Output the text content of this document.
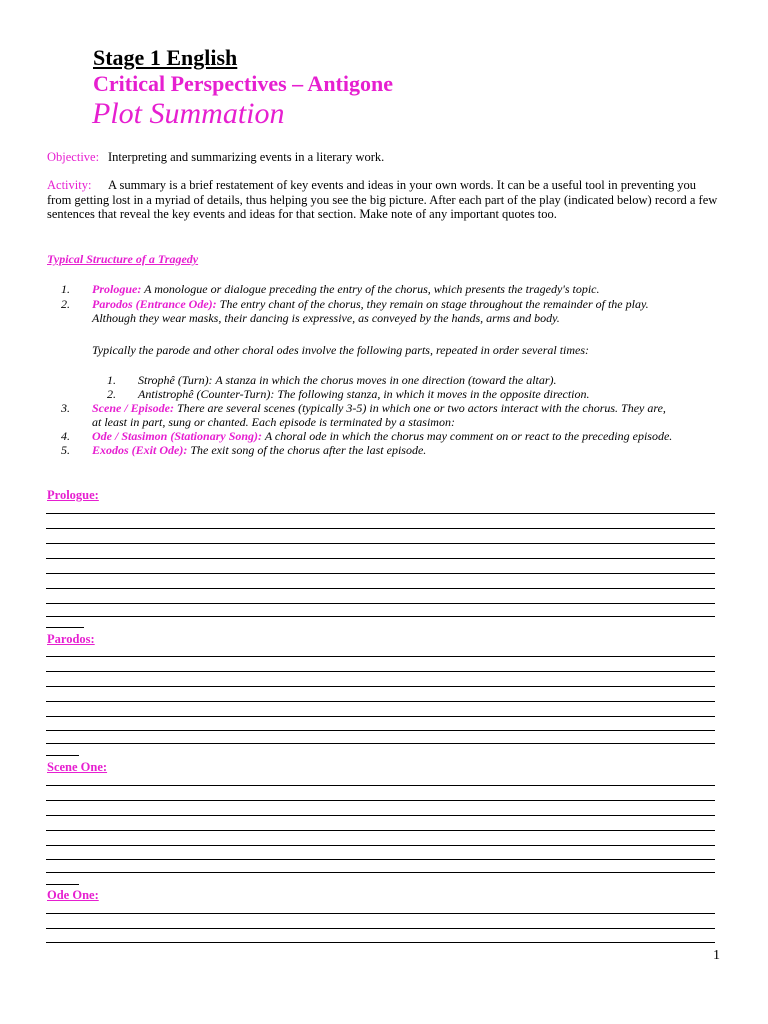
Stage 1 English
Critical Perspectives – Antigone
Plot Summation
Objective: Interpreting and summarizing events in a literary work.
Activity: A summary is a brief restatement of key events and ideas in your own words. It can be a useful tool in preventing you from getting lost in a myriad of details, thus helping you see the big picture. After each part of the play (indicated below) record a few sentences that reveal the key events and ideas for that section. Make note of any important quotes too.
Typical Structure of a Tragedy
1. Prologue: A monologue or dialogue preceding the entry of the chorus, which presents the tragedy's topic.
2. Parodos (Entrance Ode): The entry chant of the chorus, they remain on stage throughout the remainder of the play.
Although they wear masks, their dancing is expressive, as conveyed by the hands, arms and body.
Typically the parode and other choral odes involve the following parts, repeated in order several times:
1. Strophê (Turn): A stanza in which the chorus moves in one direction (toward the altar).
2. Antistrophê (Counter-Turn): The following stanza, in which it moves in the opposite direction.
3. Scene / Episode: There are several scenes (typically 3-5) in which one or two actors interact with the chorus. They are,
at least in part, sung or chanted. Each episode is terminated by a stasimon:
4. Ode / Stasimon (Stationary Song): A choral ode in which the chorus may comment on or react to the preceding episode.
5. Exodos (Exit Ode): The exit song of the chorus after the last episode.
Prologue:
Parodos:
Scene One:
Ode One:
1
